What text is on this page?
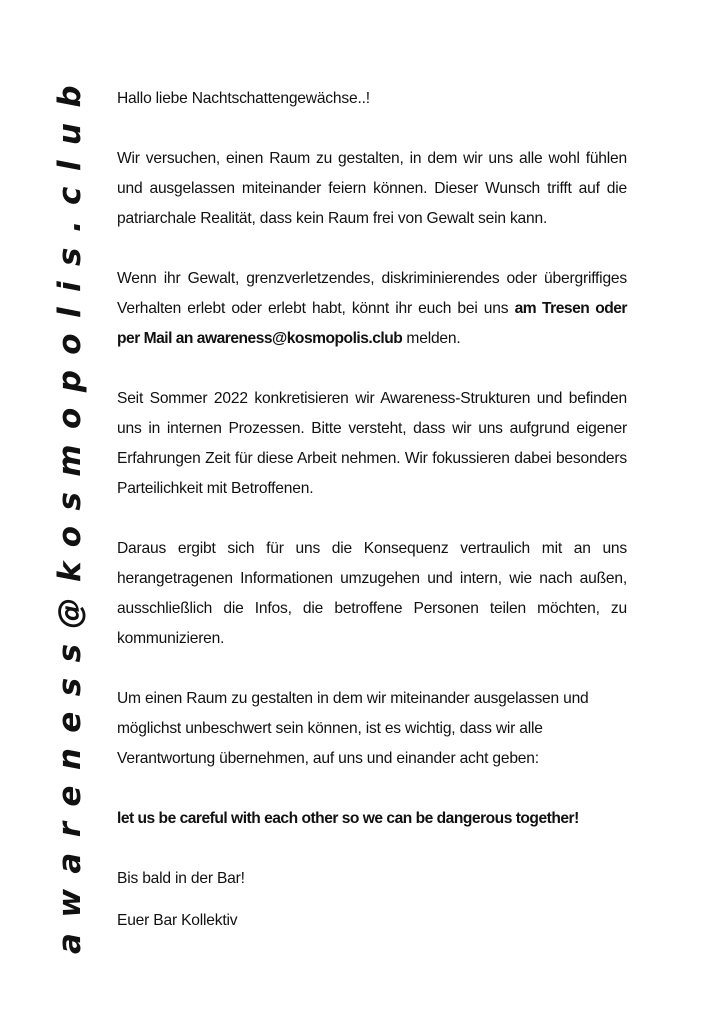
awareness@kosmopolis.club Hallo liebe Nachtschattengewächse..!

Wir versuchen, einen Raum zu gestalten, in dem wir uns alle wohl fühlen und ausgelassen miteinander feiern können. Dieser Wunsch trifft auf die patriarchale Realität, dass kein Raum frei von Gewalt sein kann.

Wenn ihr Gewalt, grenzverletzendes, diskriminierendes oder übergriffiges Verhalten erlebt oder erlebt habt, könnt ihr euch bei uns am Tresen oder per Mail an awareness@kosmopolis.club melden.

Seit Sommer 2022 konkretisieren wir Awareness-Strukturen und befinden uns in internen Prozessen. Bitte versteht, dass wir uns aufgrund eigener Erfahrungen Zeit für diese Arbeit nehmen. Wir fokussieren dabei besonders Parteilichkeit mit Betroffenen.

Daraus ergibt sich für uns die Konsequenz vertraulich mit an uns herangetragenen Informationen umzugehen und intern, wie nach außen, ausschließlich die Infos, die betroffene Personen teilen möchten, zu kommunizieren.

Um einen Raum zu gestalten in dem wir miteinander ausgelassen und möglichst unbeschwert sein können, ist es wichtig, dass wir alle Verantwortung übernehmen, auf uns und einander acht geben:

let us be careful with each other so we can be dangerous together!

Bis bald in der Bar!

Euer Bar Kollektiv
